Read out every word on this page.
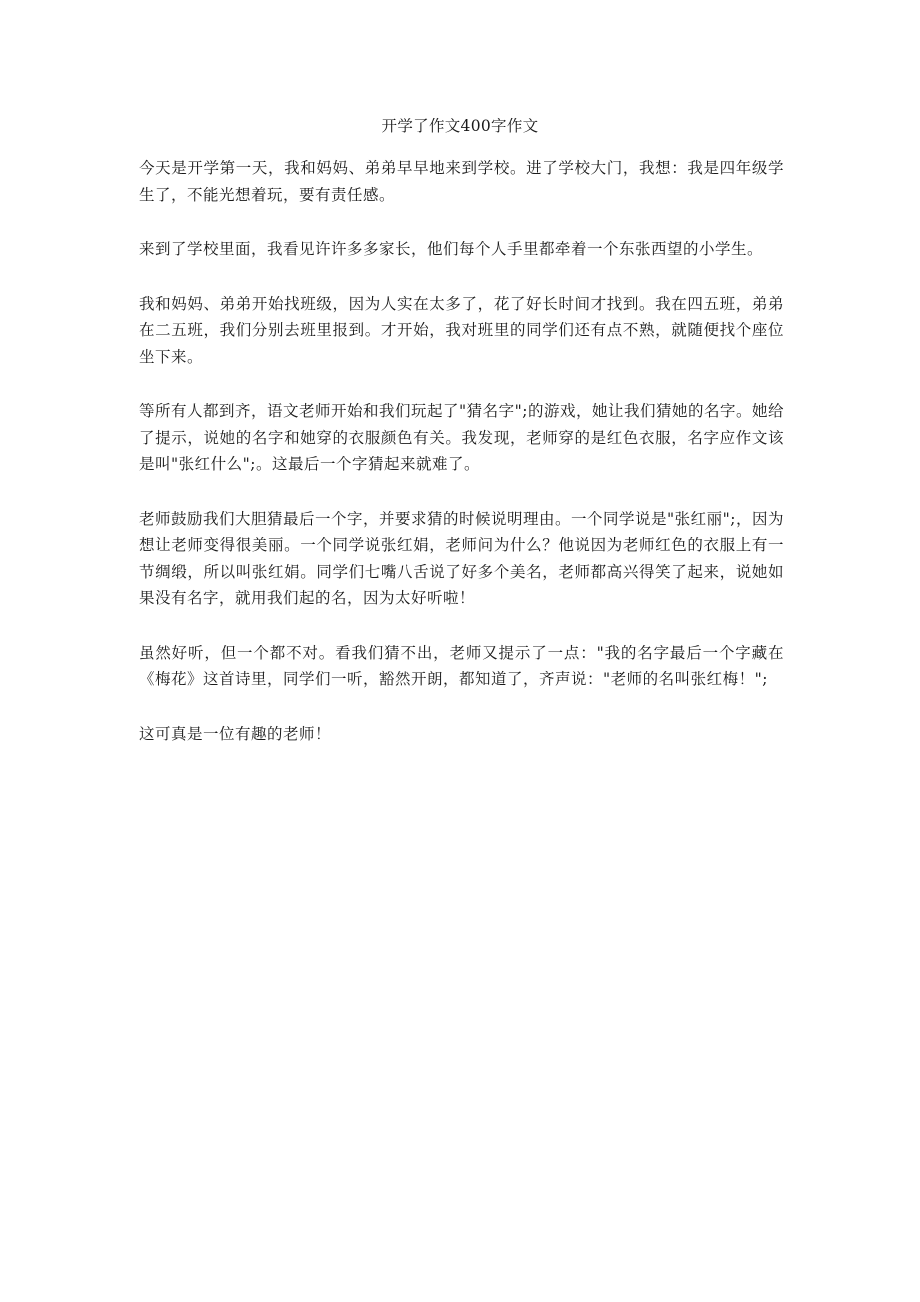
开学了作文400字作文

今天是开学第一天，我和妈妈、弟弟早早地来到学校。进了学校大门，我想：我是四年级学生了，不能光想着玩，要有责任感。

来到了学校里面，我看见许许多多家长，他们每个人手里都牵着一个东张西望的小学生。

我和妈妈、弟弟开始找班级，因为人实在太多了，花了好长时间才找到。我在四五班，弟弟在二五班，我们分别去班里报到。才开始，我对班里的同学们还有点不熟，就随便找个座位坐下来。

等所有人都到齐，语文老师开始和我们玩起了"猜名字";的游戏，她让我们猜她的名字。她给了提示，说她的名字和她穿的衣服颜色有关。我发现，老师穿的是红色衣服，名字应作文该是叫"张红什么";。这最后一个字猜起来就难了。

老师鼓励我们大胆猜最后一个字，并要求猜的时候说明理由。一个同学说是"张红丽";，因为想让老师变得很美丽。一个同学说张红娟，老师问为什么？他说因为老师红色的衣服上有一节绸缎，所以叫张红娟。同学们七嘴八舌说了好多个美名，老师都高兴得笑了起来，说她如果没有名字，就用我们起的名，因为太好听啦！

虽然好听，但一个都不对。看我们猜不出，老师又提示了一点："我的名字最后一个字藏在《梅花》这首诗里，同学们一听，豁然开朗，都知道了，齐声说："老师的名叫张红梅！";

这可真是一位有趣的老师！
